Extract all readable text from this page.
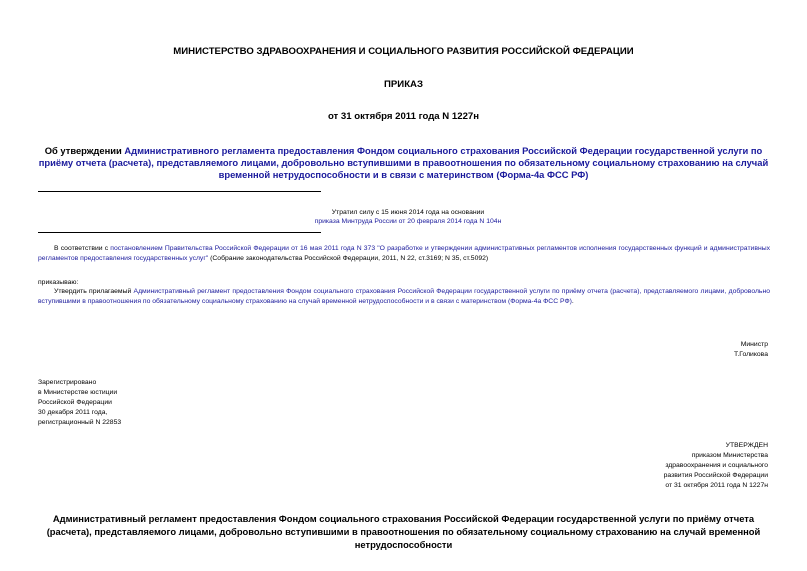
МИНИСТЕРСТВО ЗДРАВООХРАНЕНИЯ И СОЦИАЛЬНОГО РАЗВИТИЯ РОССИЙСКОЙ ФЕДЕРАЦИИ
ПРИКАЗ
от 31 октября 2011 года N 1227н
Об утверждении Административного регламента предоставления Фондом социального страхования Российской Федерации государственной услуги по приёму отчета (расчета), представляемого лицами, добровольно вступившими в правоотношения по обязательному социальному страхованию на случай временной нетрудоспособности и в связи с материнством (Форма-4а ФСС РФ)
Утратил силу с 15 июня 2014 года на основании
приказа Минтруда России от 20 февраля 2014 года N 104н
В соответствии с постановлением Правительства Российской Федерации от 16 мая 2011 года N 373 "О разработке и утверждении административных регламентов исполнения государственных функций и административных регламентов предоставления государственных услуг" (Собрание законодательства Российской Федерации, 2011, N 22, ст.3169; N 35, ст.5092)
приказываю:
Утвердить прилагаемый Административный регламент предоставления Фондом социального страхования Российской Федерации государственной услуги по приёму отчета (расчета), представляемого лицами, добровольно вступившими в правоотношения по обязательному социальному страхованию на случай временной нетрудоспособности и в связи с материнством (Форма-4а ФСС РФ).
Министр
Т.Голикова
Зарегистрировано
в Министерстве юстиции
Российской Федерации
30 декабря 2011 года,
регистрационный N 22853
УТВЕРЖДЕН
приказом Министерства
здравоохранения и социального
развития Российской Федерации
от 31 октября 2011 года N 1227н
Административный регламент предоставления Фондом социального страхования Российской Федерации государственной услуги по приёму отчета (расчета), представляемого лицами, добровольно вступившими в правоотношения по обязательному социальному страхованию на случай временной нетрудоспособности
